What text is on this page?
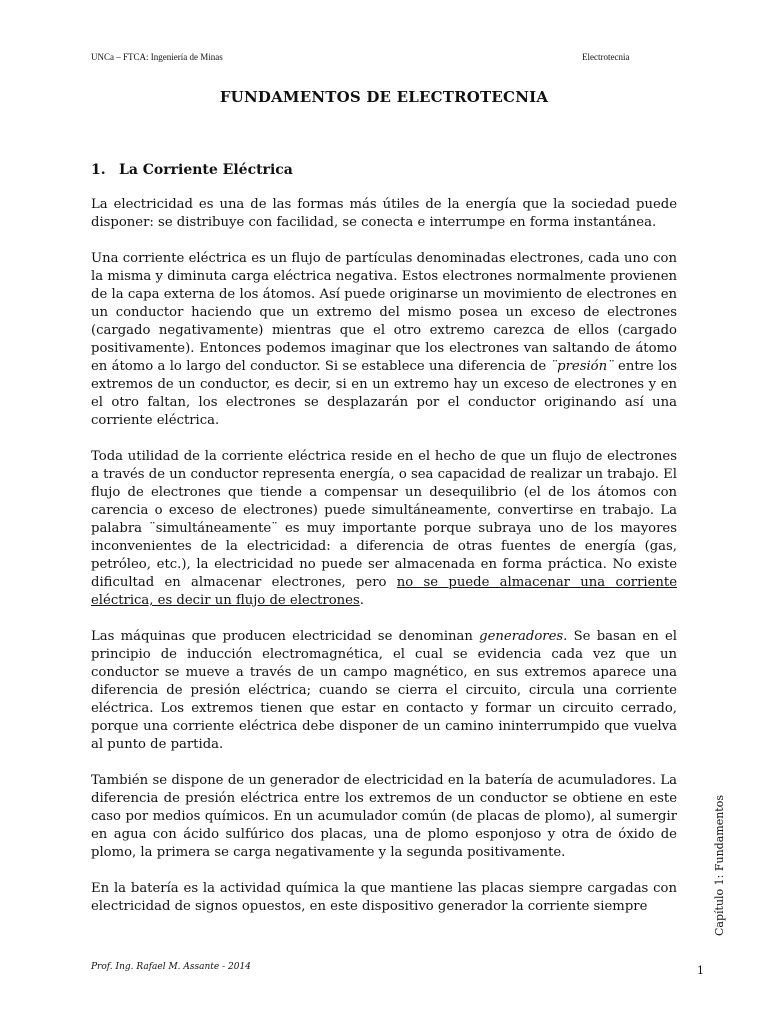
UNCa – FTCA: Ingeniería de Minas	Electrotecnia
FUNDAMENTOS DE ELECTROTECNIA
1. La Corriente Eléctrica

La electricidad es una de las formas más útiles de la energía que la sociedad puede disponer: se distribuye con facilidad, se conecta e interrumpe en forma instantánea.

Una corriente eléctrica es un flujo de partículas denominadas electrones, cada uno con la misma y diminuta carga eléctrica negativa. Estos electrones normalmente provienen de la capa externa de los átomos. Así puede originarse un movimiento de electrones en un conductor haciendo que un extremo del mismo posea un exceso de electrones (cargado negativamente) mientras que el otro extremo carezca de ellos (cargado positivamente). Entonces podemos imaginar que los electrones van saltando de átomo en átomo a lo largo del conductor. Si se establece una diferencia de ¨presión¨ entre los extremos de un conductor, es decir, si en un extremo hay un exceso de electrones y en el otro faltan, los electrones se desplazarán por el conductor originando así una corriente eléctrica.

Toda utilidad de la corriente eléctrica reside en el hecho de que un flujo de electrones a través de un conductor representa energía, o sea capacidad de realizar un trabajo. El flujo de electrones que tiende a compensar un desequilibrio (el de los átomos con carencia o exceso de electrones) puede simultáneamente, convertirse en trabajo. La palabra ¨simultáneamente¨ es muy importante porque subraya uno de los mayores inconvenientes de la electricidad: a diferencia de otras fuentes de energía (gas, petróleo, etc.), la electricidad no puede ser almacenada en forma práctica. No existe dificultad en almacenar electrones, pero no se puede almacenar una corriente eléctrica, es decir un flujo de electrones.

Las máquinas que producen electricidad se denominan generadores. Se basan en el principio de inducción electromagnética, el cual se evidencia cada vez que un conductor se mueve a través de un campo magnético, en sus extremos aparece una diferencia de presión eléctrica; cuando se cierra el circuito, circula una corriente eléctrica. Los extremos tienen que estar en contacto y formar un circuito cerrado, porque una corriente eléctrica debe disponer de un camino ininterrumpido que vuelva al punto de partida.

También se dispone de un generador de electricidad en la batería de acumuladores. La diferencia de presión eléctrica entre los extremos de un conductor se obtiene en este caso por medios químicos. En un acumulador común (de placas de plomo), al sumergir en agua con ácido sulfúrico dos placas, una de plomo esponjoso y otra de óxido de plomo, la primera se carga negativamente y la segunda positivamente.

En la batería es la actividad química la que mantiene las placas siempre cargadas con electricidad de signos opuestos, en este dispositivo generador la corriente siempre	Capítulo 1: Fundamentos
Prof. Ing. Rafael M. Assante - 2014	1
